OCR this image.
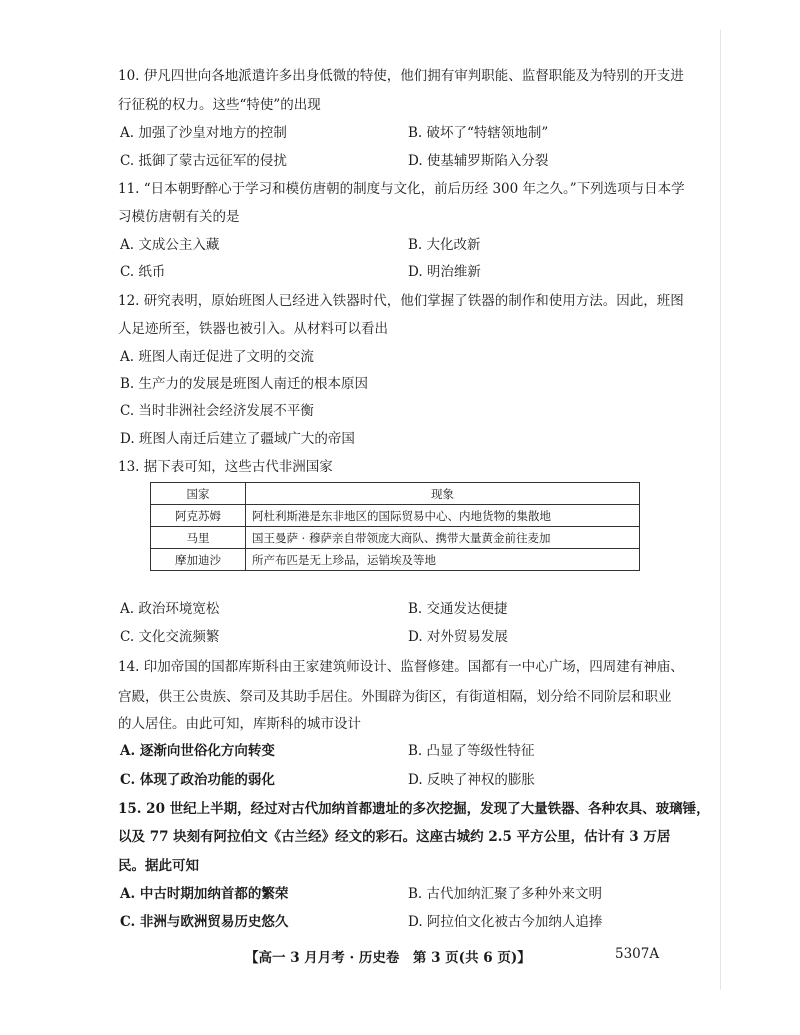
10. 伊凡四世向各地派遣许多出身低微的特使，他们拥有审判职能、监督职能及为特别的开支进
行征税的权力。这些“特使”的出现
A. 加强了沙皇对地方的控制	B. 破坏了“特辖领地制”
C. 抵御了蒙古远征军的侵扰	D. 使基辅罗斯陷入分裂
11. “日本朝野醉心于学习和模仿唐朝的制度与文化，前后历经 300 年之久。”下列选项与日本学
习模仿唐朝有关的是
A. 文成公主入藏	B. 大化改新
C. 纸币	D. 明治维新
12. 研究表明，原始班图人已经进入铁器时代，他们掌握了铁器的制作和使用方法。因此，班图
人足迹所至，铁器也被引入。从材料可以看出
A. 班图人南迁促进了文明的交流
B. 生产力的发展是班图人南迁的根本原因
C. 当时非洲社会经济发展不平衡
D. 班图人南迁后建立了疆域广大的帝国
13. 据下表可知，这些古代非洲国家
国家	现象
阿克苏姆	阿杜利斯港是东非地区的国际贸易中心、内地货物的集散地
马里	国王曼萨 · 穆萨亲自带领庞大商队、携带大量黄金前往麦加
摩加迪沙	所产布匹是无上珍品，运销埃及等地
A. 政治环境宽松	B. 交通发达便捷
C. 文化交流频繁	D. 对外贸易发展
14. 印加帝国的国都库斯科由王家建筑师设计、监督修建。国都有一中心广场，四周建有神庙、
宫殿，供王公贵族、祭司及其助手居住。外围辟为街区，有街道相隔，划分给不同阶层和职业
的人居住。由此可知，库斯科的城市设计
A. 逐渐向世俗化方向转变	B. 凸显了等级性特征
C. 体现了政治功能的弱化	D. 反映了神权的膨胀
15. 20 世纪上半期，经过对古代加纳首都遗址的多次挖掘，发现了大量铁器、各种农具、玻璃锤，
以及 77 块刻有阿拉伯文《古兰经》经文的彩石。这座古城约 2.5 平方公里，估计有 3 万居
民。据此可知
A. 中古时期加纳首都的繁荣	B. 古代加纳汇聚了多种外来文明
C. 非洲与欧洲贸易历史悠久	D. 阿拉伯文化被古今加纳人追捧
【高一 3 月月考 · 历史卷　第 3 页(共 6 页)】	5307A
